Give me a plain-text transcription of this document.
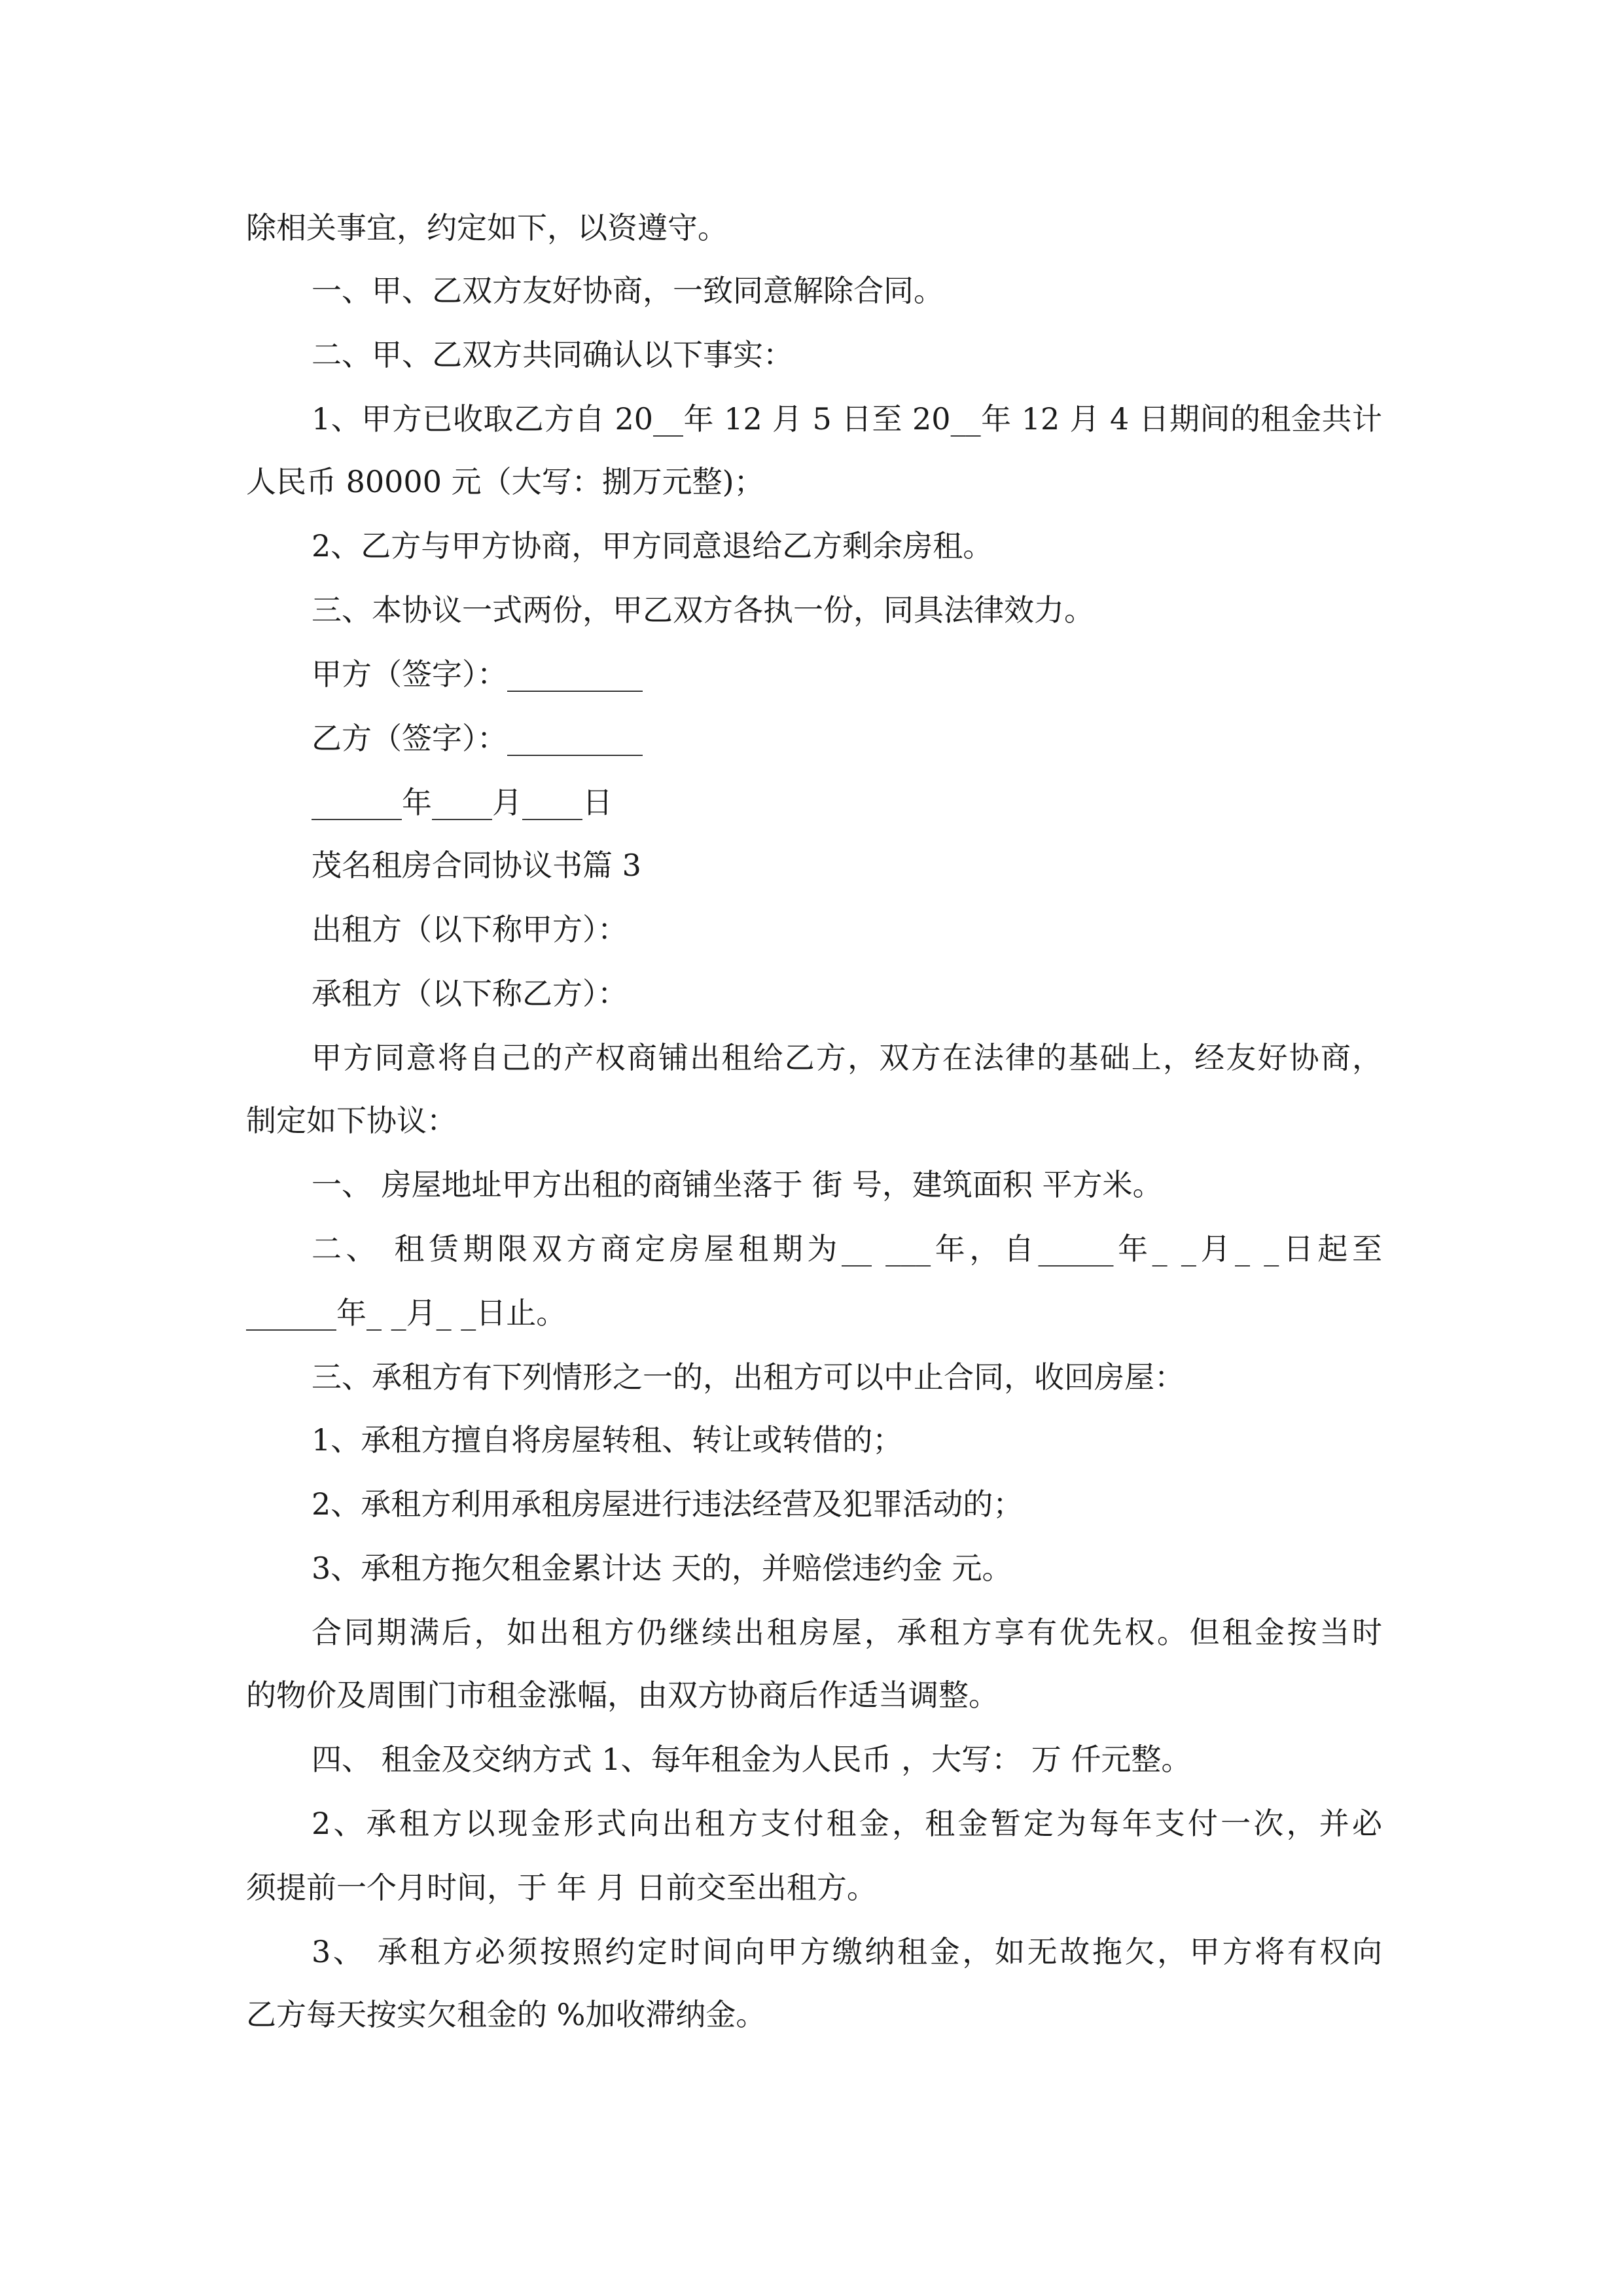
除相关事宜，约定如下，以资遵守。
一、甲、乙双方友好协商，一致同意解除合同。
二、甲、乙双方共同确认以下事实：
1、甲方已收取乙方自 20__年 12 月 5 日至 20__年 12 月 4 日期间的租金共计
人民币 80000 元（大写：捌万元整)；
2、乙方与甲方协商，甲方同意退给乙方剩余房租。
三、本协议一式两份，甲乙双方各执一份，同具法律效力。
甲方（签字）：_________
乙方（签字）：_________
______年____月____日
茂名租房合同协议书篇 3
出租方（以下称甲方）：
承租方（以下称乙方）：
甲方同意将自己的产权商铺出租给乙方，双方在法律的基础上，经友好协商，
制定如下协议：
一、 房屋地址甲方出租的商铺坐落于 街 号，建筑面积 平方米。
二、 租赁期限双方商定房屋租期为__ ___年，自_____年_ _月_ _日起至
______年_ _月_ _日止。
三、承租方有下列情形之一的，出租方可以中止合同，收回房屋：
1、承租方擅自将房屋转租、转让或转借的；
2、承租方利用承租房屋进行违法经营及犯罪活动的；
3、承租方拖欠租金累计达 天的，并赔偿违约金 元。
合同期满后，如出租方仍继续出租房屋，承租方享有优先权。但租金按当时
的物价及周围门市租金涨幅，由双方协商后作适当调整。
四、 租金及交纳方式 1、每年租金为人民币 ，大写： 万 仟元整。
2、承租方以现金形式向出租方支付租金，租金暂定为每年支付一次，并必
须提前一个月时间，于 年 月 日前交至出租方。
3、 承租方必须按照约定时间向甲方缴纳租金，如无故拖欠，甲方将有权向
乙方每天按实欠租金的 %加收滞纳金。
